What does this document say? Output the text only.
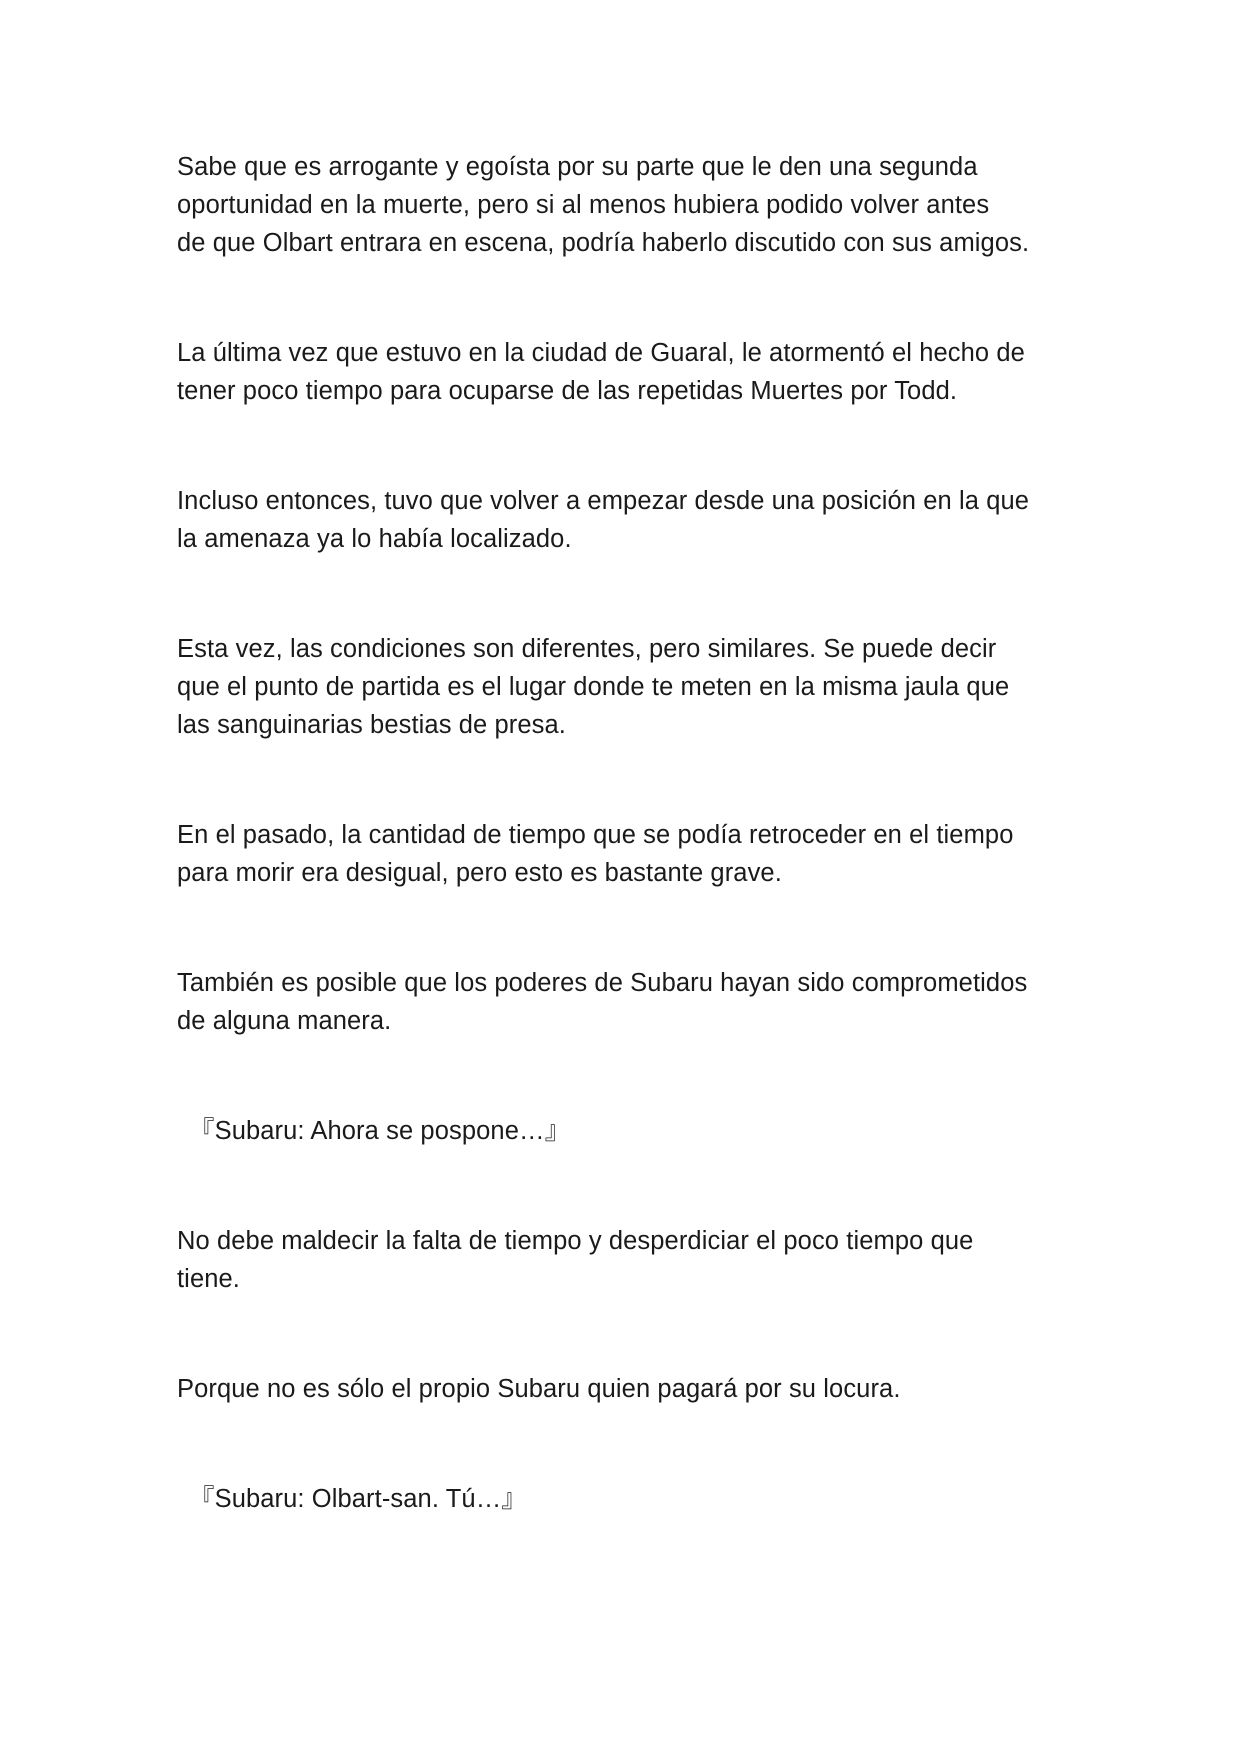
Sabe que es arrogante y egoísta por su parte que le den una segunda
oportunidad en la muerte, pero si al menos hubiera podido volver antes
de que Olbart entrara en escena, podría haberlo discutido con sus amigos.
La última vez que estuvo en la ciudad de Guaral, le atormentó el hecho de
tener poco tiempo para ocuparse de las repetidas Muertes por Todd.
Incluso entonces, tuvo que volver a empezar desde una posición en la que
la amenaza ya lo había localizado.
Esta vez, las condiciones son diferentes, pero similares. Se puede decir
que el punto de partida es el lugar donde te meten en la misma jaula que
las sanguinarias bestias de presa.
En el pasado, la cantidad de tiempo que se podía retroceder en el tiempo
para morir era desigual, pero esto es bastante grave.
También es posible que los poderes de Subaru hayan sido comprometidos
de alguna manera.
『Subaru: Ahora se pospone…』
No debe maldecir la falta de tiempo y desperdiciar el poco tiempo que
tiene.
Porque no es sólo el propio Subaru quien pagará por su locura.
『Subaru: Olbart-san. Tú…』
